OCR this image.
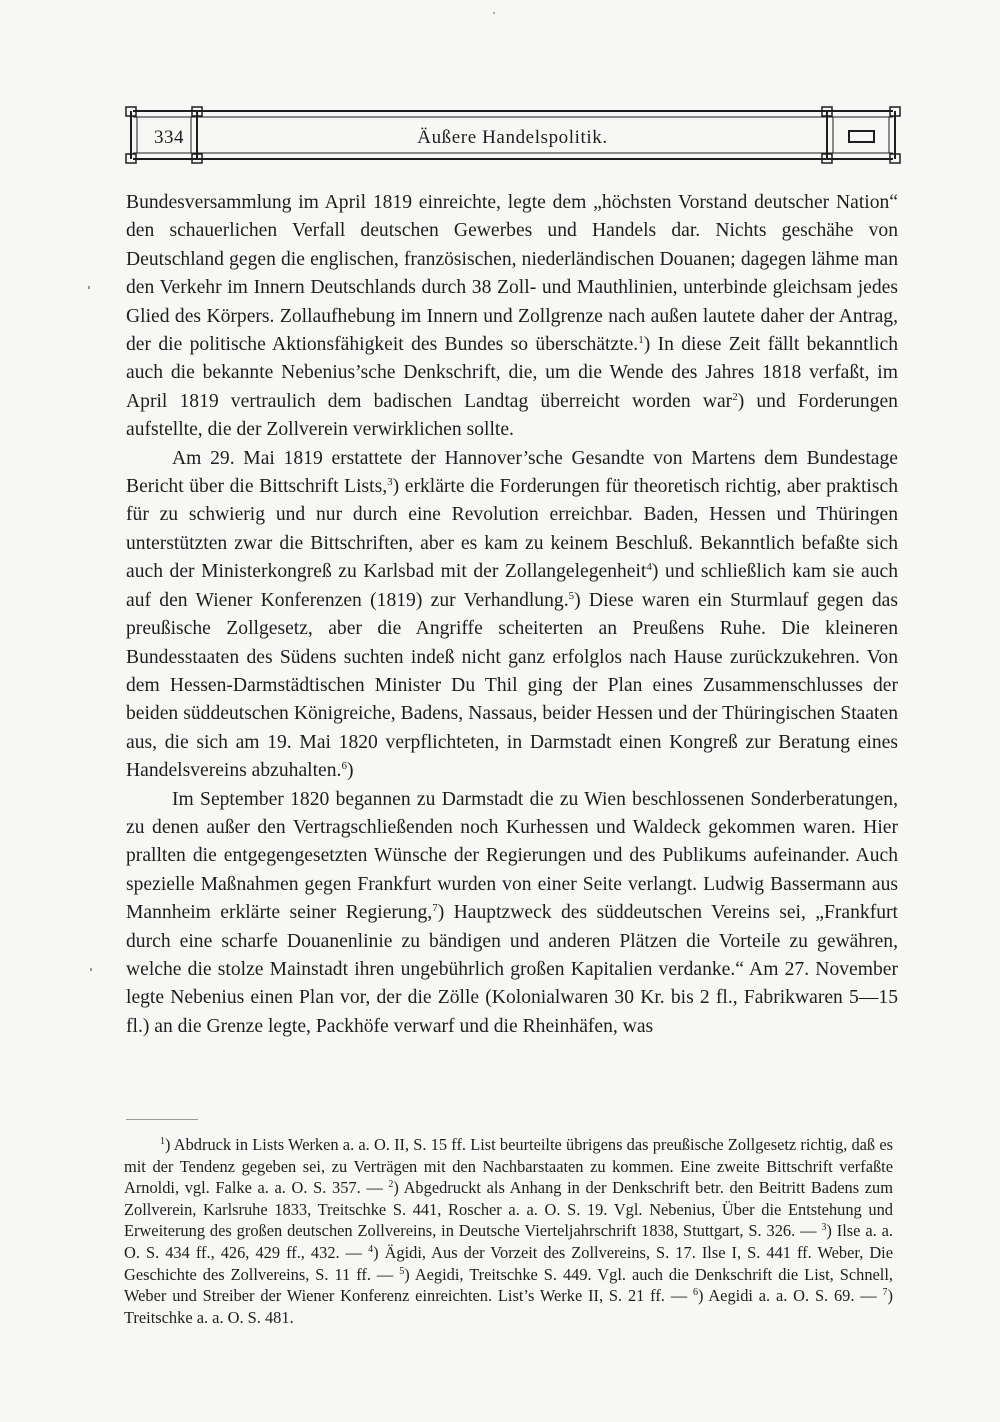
334	Äußere Handelspolitik.

Bundesversammlung im April 1819 einreichte, legte dem „höchsten Vorstand deutscher Nation“ den schauerlichen Verfall deutschen Gewerbes und Handels dar. Nichts geschähe von Deutschland gegen die englischen, französischen, niederländischen Douanen; dagegen lähme man den Verkehr im Innern Deutschlands durch 38 Zoll- und Mauthlinien, unterbinde gleichsam jedes Glied des Körpers. Zollaufhebung im Innern und Zollgrenze nach außen lautete daher der Antrag, der die politische Aktionsfähigkeit des Bundes so überschätzte.$^1$) In diese Zeit fällt bekanntlich auch die bekannte Nebenius’sche Denkschrift, die, um die Wende des Jahres 1818 verfaßt, im April 1819 vertraulich dem badischen Landtag überreicht worden war$^2$) und Forderungen aufstellte, die der Zollverein verwirklichen sollte.

Am 29. Mai 1819 erstattete der Hannover’sche Gesandte von Martens dem Bundestage Bericht über die Bittschrift Lists,$^3$) erklärte die Forderungen für theoretisch richtig, aber praktisch für zu schwierig und nur durch eine Revolution erreichbar. Baden, Hessen und Thüringen unterstützten zwar die Bittschriften, aber es kam zu keinem Beschluß. Bekanntlich befaßte sich auch der Ministerkongreß zu Karlsbad mit der Zollangelegenheit$^4$) und schließlich kam sie auch auf den Wiener Konferenzen (1819) zur Verhandlung.$^5$) Diese waren ein Sturmlauf gegen das preußische Zollgesetz, aber die Angriffe scheiterten an Preußens Ruhe. Die kleineren Bundesstaaten des Südens suchten indeß nicht ganz erfolglos nach Hause zurückzukehren. Von dem Hessen-Darmstädtischen Minister Du Thil ging der Plan eines Zusammenschlusses der beiden süddeutschen Königreiche, Badens, Nassaus, beider Hessen und der Thüringischen Staaten aus, die sich am 19. Mai 1820 verpflichteten, in Darmstadt einen Kongreß zur Beratung eines Handelsvereins abzuhalten.$^6$)

Im September 1820 begannen zu Darmstadt die zu Wien beschlossenen Sonderberatungen, zu denen außer den Vertragschließenden noch Kurhessen und Waldeck gekommen waren. Hier prallten die entgegengesetzten Wünsche der Regierungen und des Publikums aufeinander. Auch spezielle Maßnahmen gegen Frankfurt wurden von einer Seite verlangt. Ludwig Bassermann aus Mannheim erklärte seiner Regierung,$^7$) Hauptzweck des süddeutschen Vereins sei, „Frankfurt durch eine scharfe Douanenlinie zu bändigen und anderen Plätzen die Vorteile zu gewähren, welche die stolze Mainstadt ihren ungebührlich großen Kapitalien verdanke.“ Am 27. November legte Nebenius einen Plan vor, der die Zölle (Kolonialwaren 30 Kr. bis 2 fl., Fabrikwaren 5—15 fl.) an die Grenze legte, Packhöfe verwarf und die Rheinhäfen, was

$^1$) Abdruck in Lists Werken a. a. O. II, S. 15 ff. List beurteilte übrigens das preußische Zollgesetz richtig, daß es mit der Tendenz gegeben sei, zu Verträgen mit den Nachbarstaaten zu kommen. Eine zweite Bittschrift verfaßte Arnoldi, vgl. Falke a. a. O. S. 357. — $^2$) Abgedruckt als Anhang in der Denkschrift betr. den Beitritt Badens zum Zollverein, Karlsruhe 1833, Treitschke S. 441, Roscher a. a. O. S. 19. Vgl. Nebenius, Über die Entstehung und Erweiterung des großen deutschen Zollvereins, in Deutsche Vierteljahrschrift 1838, Stuttgart, S. 326. — $^3$) Ilse a. a. O. S. 434 ff., 426, 429 ff., 432. — $^4$) Ägidi, Aus der Vorzeit des Zollvereins, S. 17. Ilse I, S. 441 ff. Weber, Die Geschichte des Zollvereins, S. 11 ff. — $^5$) Aegidi, Treitschke S. 449. Vgl. auch die Denkschrift die List, Schnell, Weber und Streiber der Wiener Konferenz einreichten. List’s Werke II, S. 21 ff. — $^6$) Aegidi a. a. O. S. 69. — $^7$) Treitschke a. a. O. S. 481.
